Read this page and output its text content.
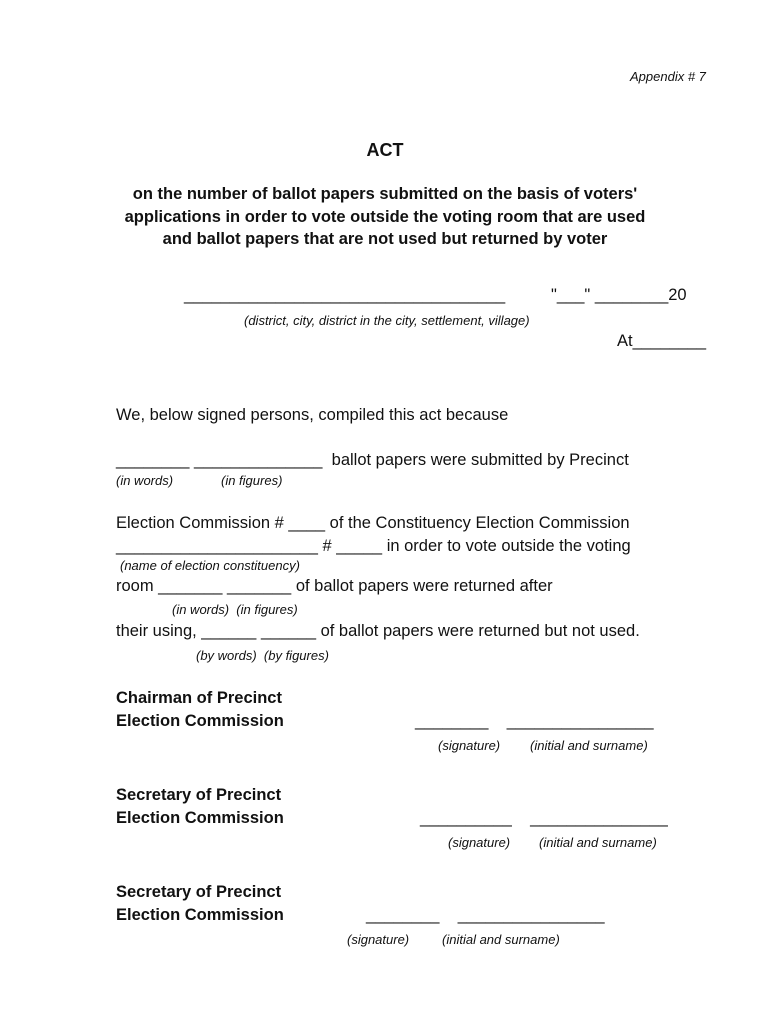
Appendix # 7
ACT
on the number of ballot papers submitted on the basis of voters'
applications in order to vote outside the voting room that are used
and ballot papers that are not used but returned by voter
___________________________________	"___" ________20
(district, city, district in the city, settlement, village)
At________
We, below signed persons, compiled this act because
________ ______________  ballot papers were submitted by Precinct
(in words)	(in figures)
Election Commission # ____ of the Constituency Election Commission
______________________ # _____ in order to vote outside the voting
(name of election constituency)
room _______ _______ of ballot papers were returned after
(in words)  (in figures)
their using, ______ ______ of ballot papers were returned but not used.
(by words)  (by figures)
Chairman of Precinct
Election Commission	________    ________________
(signature) (initial and surname)
Secretary of Precinct
Election Commission	__________    _______________
(signature) (initial and surname)
Secretary of Precinct
Election Commission	________    ________________
(signature)	(initial and surname)
